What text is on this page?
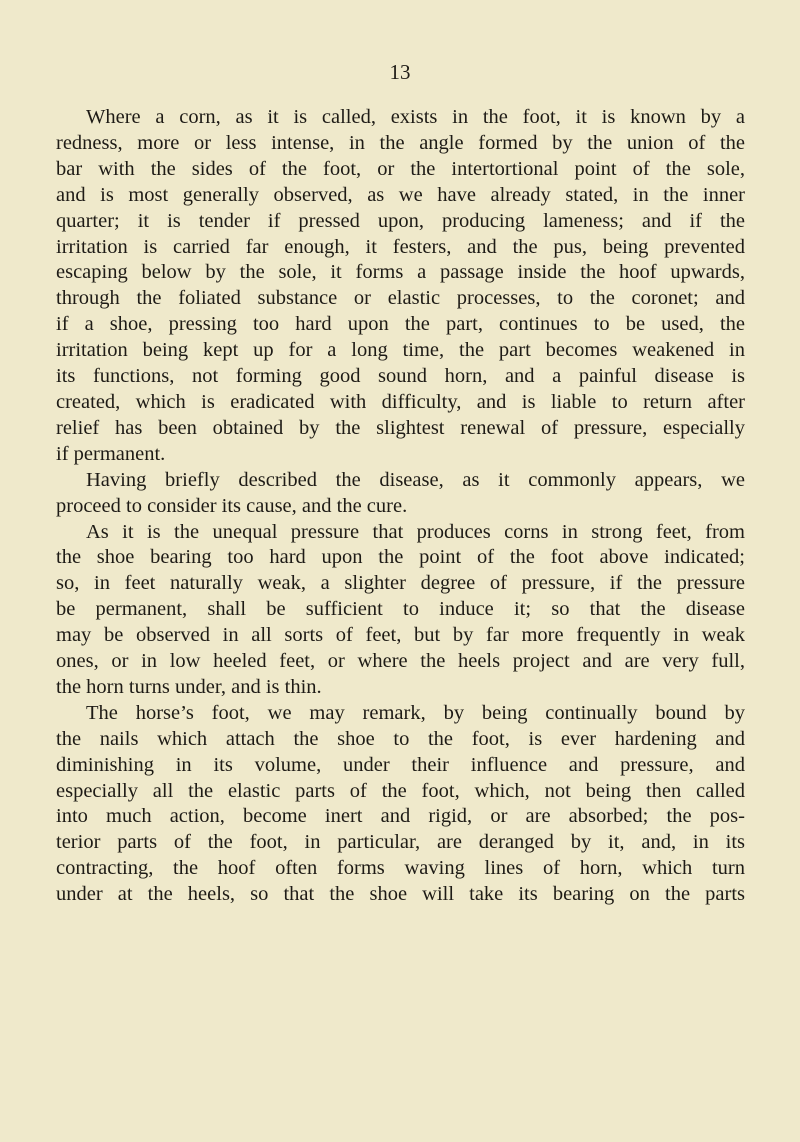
13

Where a corn, as it is called, exists in the foot, it is known by a
redness, more or less intense, in the angle formed by the union of the
bar with the sides of the foot, or the intertortional point of the sole,
and is most generally observed, as we have already stated, in the inner
quarter; it is tender if pressed upon, producing lameness; and if the
irritation is carried far enough, it festers, and the pus, being prevented
escaping below by the sole, it forms a passage inside the hoof upwards,
through the foliated substance or elastic processes, to the coronet; and
if a shoe, pressing too hard upon the part, continues to be used, the
irritation being kept up for a long time, the part becomes weakened in
its functions, not forming good sound horn, and a painful disease is
created, which is eradicated with difficulty, and is liable to return after
relief has been obtained by the slightest renewal of pressure, especially
if permanent.

Having briefly described the disease, as it commonly appears, we
proceed to consider its cause, and the cure.

As it is the unequal pressure that produces corns in strong feet, from
the shoe bearing too hard upon the point of the foot above indicated;
so, in feet naturally weak, a slighter degree of pressure, if the pressure
be permanent, shall be sufficient to induce it; so that the disease
may be observed in all sorts of feet, but by far more frequently in weak
ones, or in low heeled feet, or where the heels project and are very full,
the horn turns under, and is thin.

The horse’s foot, we may remark, by being continually bound by
the nails which attach the shoe to the foot, is ever hardening and
diminishing in its volume, under their influence and pressure, and
especially all the elastic parts of the foot, which, not being then called
into much action, become inert and rigid, or are absorbed; the pos-
terior parts of the foot, in particular, are deranged by it, and, in its
contracting, the hoof often forms waving lines of horn, which turn
under at the heels, so that the shoe will take its bearing on the parts
